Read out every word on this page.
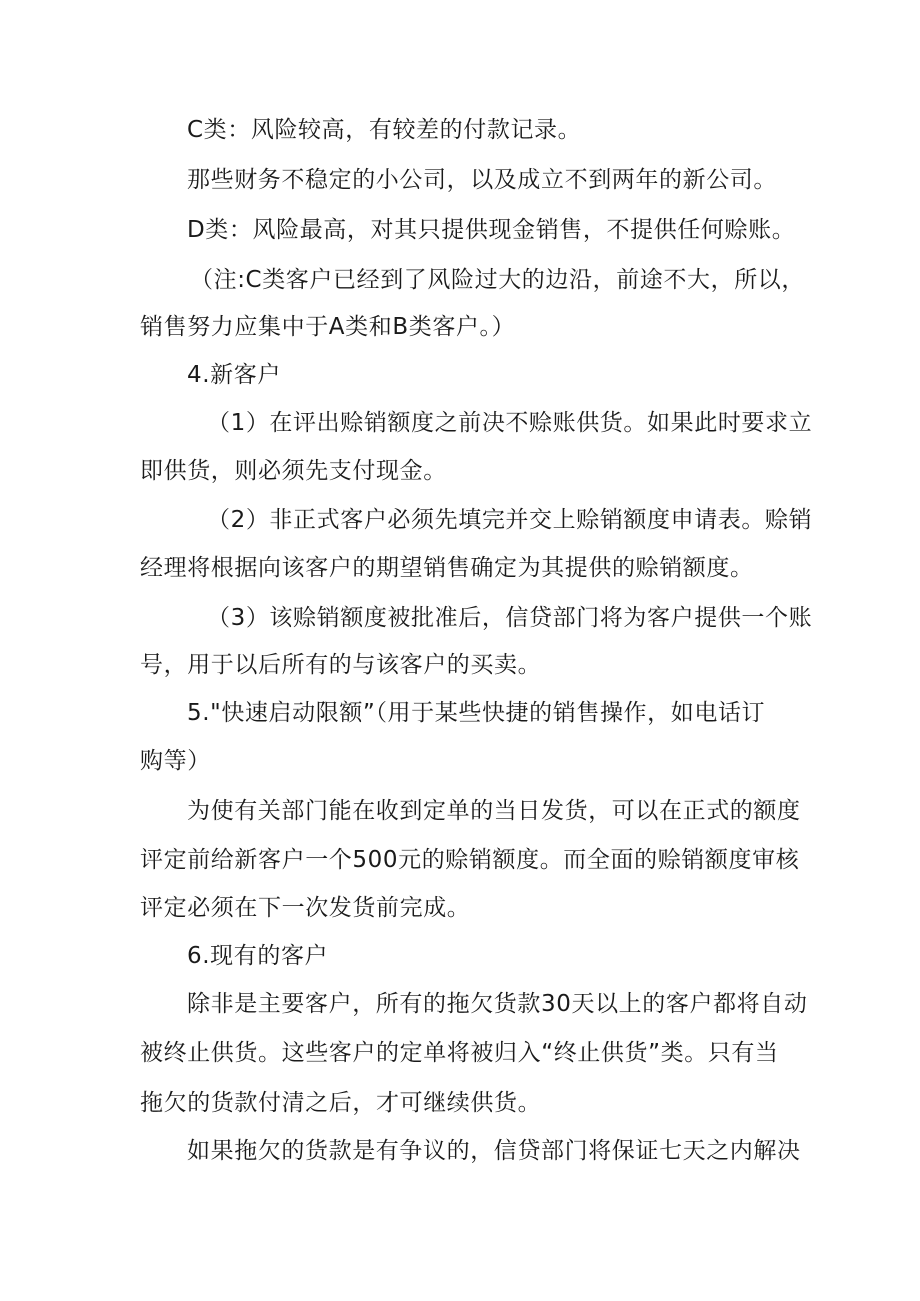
C类：风险较高，有较差的付款记录。
那些财务不稳定的小公司，以及成立不到两年的新公司。
D类：风险最高，对其只提供现金销售，不提供任何赊账。
（注:C类客户已经到了风险过大的边沿，前途不大，所以，
销售努力应集中于A类和B类客户。）
4.新客户
（1）在评出赊销额度之前决不赊账供货。如果此时要求立
即供货，则必须先支付现金。
（2）非正式客户必须先填完并交上赊销额度申请表。赊销
经理将根据向该客户的期望销售确定为其提供的赊销额度。
（3）该赊销额度被批准后，信贷部门将为客户提供一个账
号，用于以后所有的与该客户的买卖。
5."快速启动限额”（用于某些快捷的销售操作，如电话订
购等）
为使有关部门能在收到定单的当日发货，可以在正式的额度
评定前给新客户一个500元的赊销额度。而全面的赊销额度审核
评定必须在下一次发货前完成。
6.现有的客户
除非是主要客户，所有的拖欠货款30天以上的客户都将自动
被终止供货。这些客户的定单将被归入“终止供货”类。只有当
拖欠的货款付清之后，才可继续供货。
如果拖欠的货款是有争议的，信贷部门将保证七天之内解决
